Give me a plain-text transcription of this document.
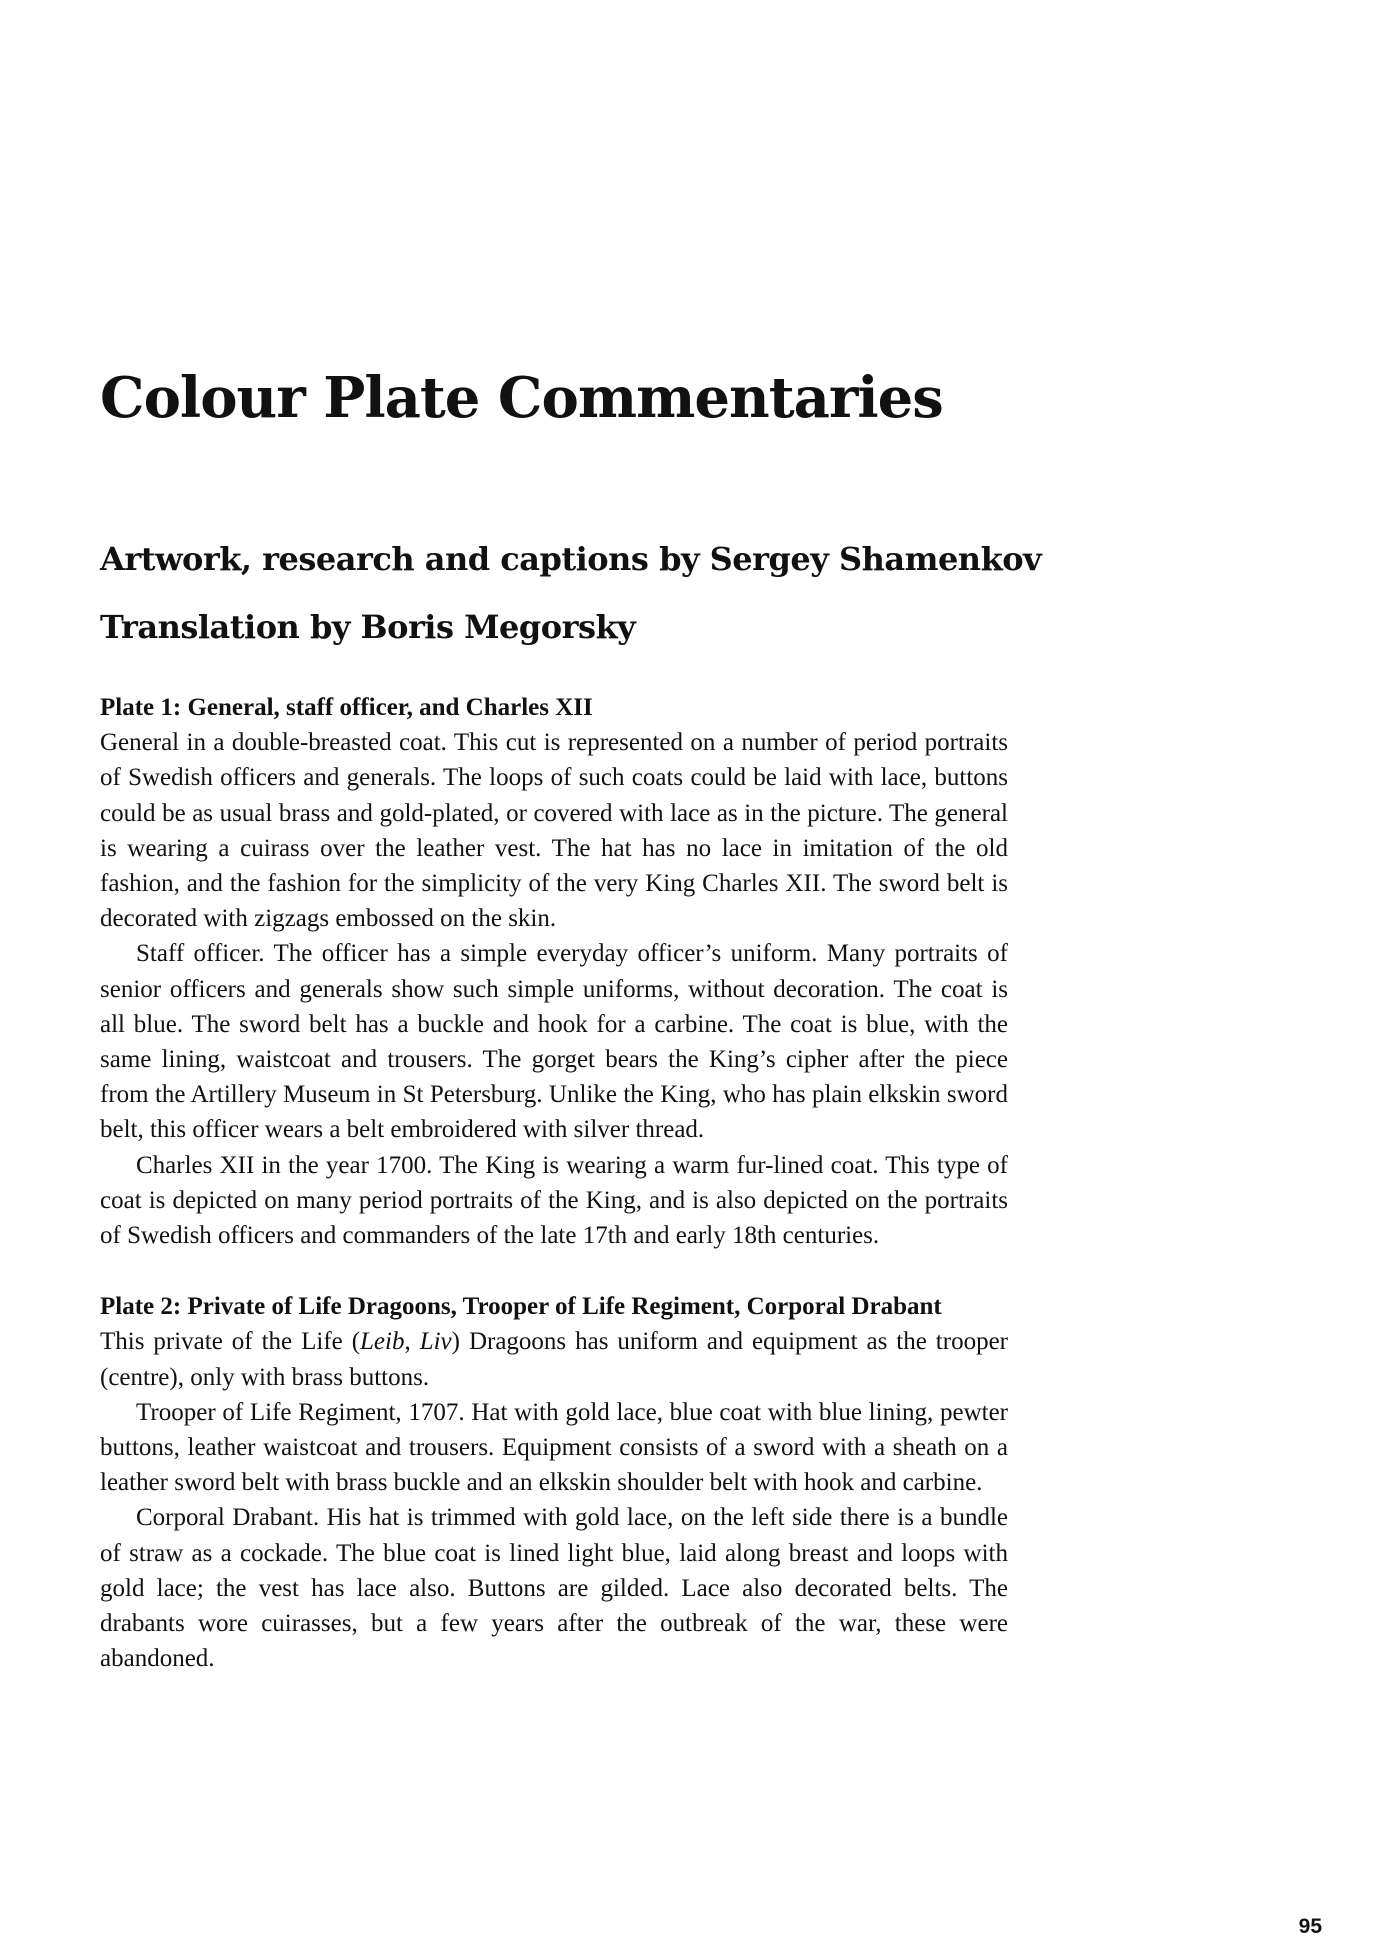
Colour Plate Commentaries
Artwork, research and captions by Sergey Shamenkov
Translation by Boris Megorsky

Plate 1: General, staff officer, and Charles XII

General in a double-breasted coat. This cut is represented on a number of period portraits of Swedish officers and generals. The loops of such coats could be laid with lace, buttons could be as usual brass and gold-plated, or covered with lace as in the picture. The general is wearing a cuirass over the leather vest. The hat has no lace in imitation of the old fashion, and the fashion for the simplicity of the very King Charles XII. The sword belt is decorated with zigzags embossed on the skin.

Staff officer. The officer has a simple everyday officer’s uniform. Many portraits of senior officers and generals show such simple uniforms, without decoration. The coat is all blue. The sword belt has a buckle and hook for a carbine. The coat is blue, with the same lining, waistcoat and trousers. The gorget bears the King’s cipher after the piece from the Artillery Museum in St Petersburg. Unlike the King, who has plain elkskin sword belt, this officer wears a belt embroidered with silver thread.

Charles XII in the year 1700. The King is wearing a warm fur-lined coat. This type of coat is depicted on many period portraits of the King, and is also depicted on the portraits of Swedish officers and commanders of the late 17th and early 18th centuries.

Plate 2: Private of Life Dragoons, Trooper of Life Regiment, Corporal Drabant

This private of the Life (Leib, Liv) Dragoons has uniform and equipment as the trooper (centre), only with brass buttons.

Trooper of Life Regiment, 1707. Hat with gold lace, blue coat with blue lining, pewter buttons, leather waistcoat and trousers. Equipment consists of a sword with a sheath on a leather sword belt with brass buckle and an elkskin shoulder belt with hook and carbine.

Corporal Drabant. His hat is trimmed with gold lace, on the left side there is a bundle of straw as a cockade. The blue coat is lined light blue, laid along breast and loops with gold lace; the vest has lace also. Buttons are gilded. Lace also decorated belts. The drabants wore cuirasses, but a few years after the outbreak of the war, these were abandoned.

95
